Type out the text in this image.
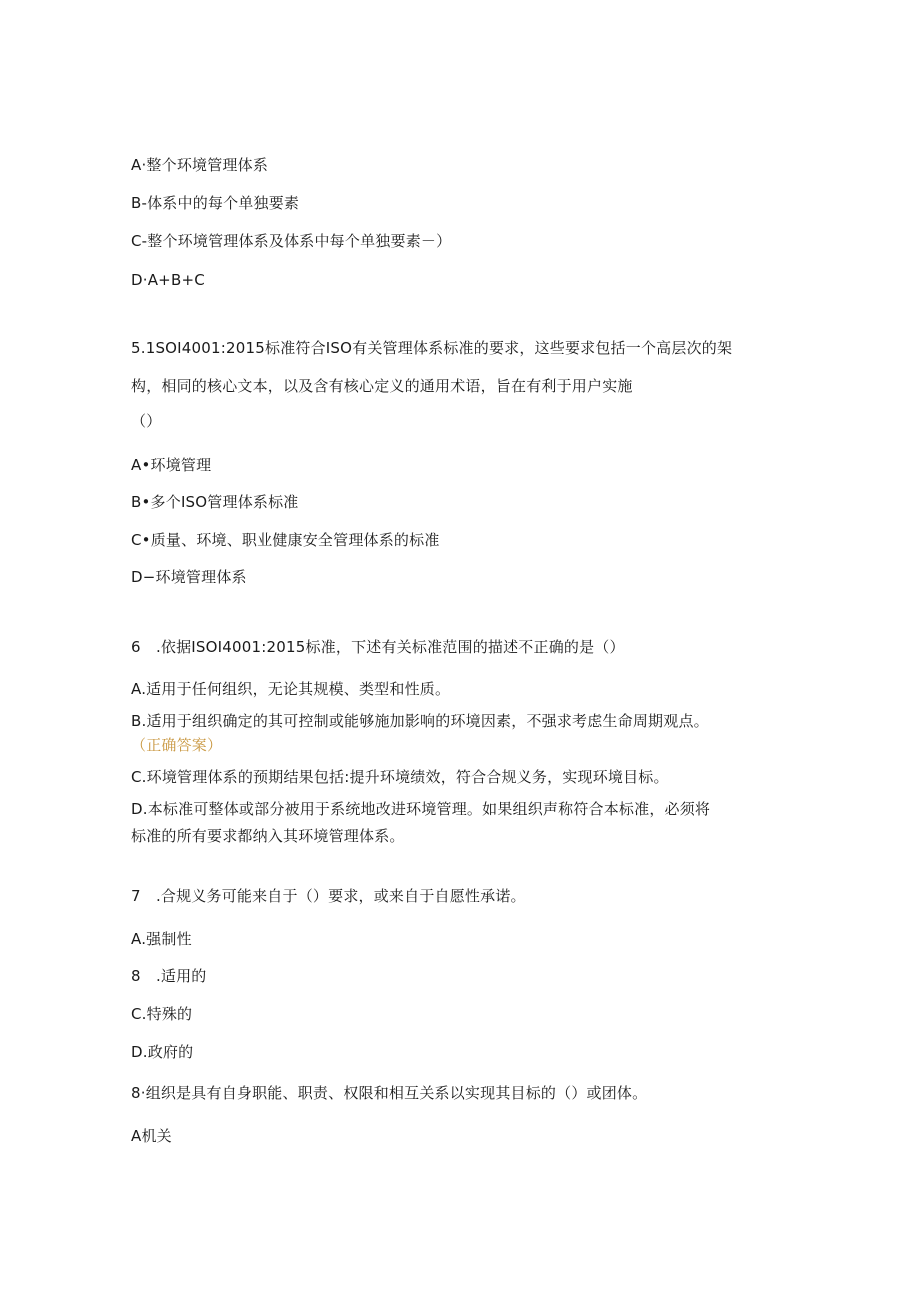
A·整个环境管理体系
B-体系中的每个单独要素
C-整个环境管理体系及体系中每个单独要素－）
D·A+B+C
5.1SOI4001:2015标准符合ISO有关管理体系标准的要求，这些要求包括一个高层次的架
构，相同的核心文本，以及含有核心定义的通用术语，旨在有利于用户实施
（）
A•环境管理
B•多个ISO管理体系标准
C•质量、环境、职业健康安全管理体系的标准
D−环境管理体系
6　.依据ISOI4001:2015标准，下述有关标准范围的描述不正确的是（）
A.适用于任何组织，无论其规模、类型和性质。
B.适用于组织确定的其可控制或能够施加影响的环境因素，不强求考虑生命周期观点。
（正确答案）
C.环境管理体系的预期结果包括:提升环境绩效，符合合规义务，实现环境目标。
D.本标准可整体或部分被用于系统地改进环境管理。如果组织声称符合本标准，必须将
标准的所有要求都纳入其环境管理体系。
7　.合规义务可能来自于（）要求，或来自于自愿性承诺。
A.强制性
8　.适用的
C.特殊的
D.政府的
8·组织是具有自身职能、职责、权限和相互关系以实现其目标的（）或团体。
A机关
